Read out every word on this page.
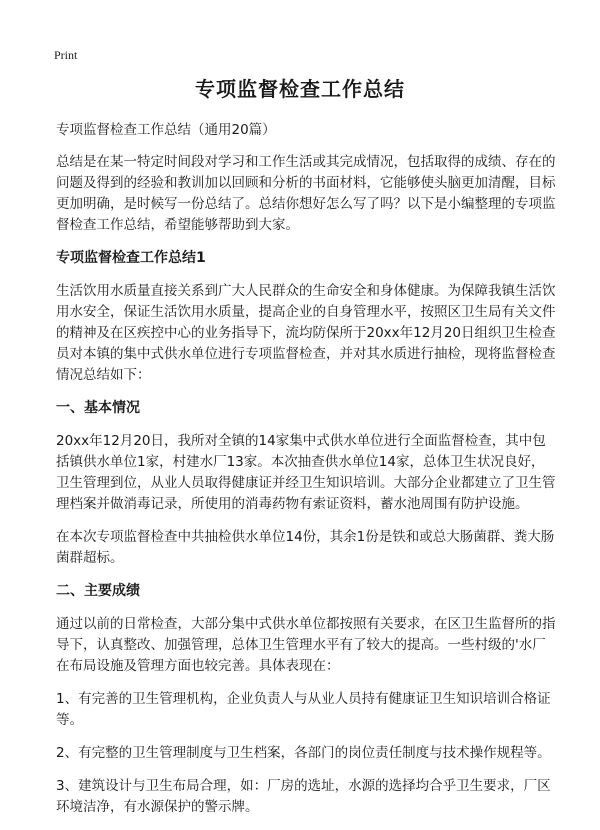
Print
专项监督检查工作总结

专项监督检查工作总结（通用20篇）

总结是在某一特定时间段对学习和工作生活或其完成情况，包括取得的成绩、存在的问题及得到的经验和教训加以回顾和分析的书面材料，它能够使头脑更加清醒，目标更加明确，是时候写一份总结了。总结你想好怎么写了吗？以下是小编整理的专项监督检查工作总结，希望能够帮助到大家。

专项监督检查工作总结1

生活饮用水质量直接关系到广大人民群众的生命安全和身体健康。为保障我镇生活饮用水安全，保证生活饮用水质量，提高企业的自身管理水平，按照区卫生局有关文件的精神及在区疾控中心的业务指导下，流均防保所于20xx年12月20日组织卫生检查员对本镇的集中式供水单位进行专项监督检查，并对其水质进行抽检，现将监督检查情况总结如下：

一、基本情况

20xx年12月20日，我所对全镇的14家集中式供水单位进行全面监督检查，其中包括镇供水单位1家，村建水厂13家。本次抽查供水单位14家，总体卫生状况良好，卫生管理到位，从业人员取得健康证并经卫生知识培训。大部分企业都建立了卫生管理档案并做消毒记录，所使用的消毒药物有索证资料，蓄水池周围有防护设施。

在本次专项监督检查中共抽检供水单位14份，其余1份是铁和或总大肠菌群、粪大肠菌群超标。

二、主要成绩

通过以前的日常检查，大部分集中式供水单位都按照有关要求，在区卫生监督所的指导下，认真整改、加强管理，总体卫生管理水平有了较大的提高。一些村级的'水厂在布局设施及管理方面也较完善。具体表现在：

1、有完善的卫生管理机构，企业负责人与从业人员持有健康证卫生知识培训合格证等。

2、有完整的卫生管理制度与卫生档案，各部门的岗位责任制度与技术操作规程等。

3、建筑设计与卫生布局合理，如：厂房的选址，水源的选择均合乎卫生要求，厂区环境洁净，有水源保护的警示牌。
